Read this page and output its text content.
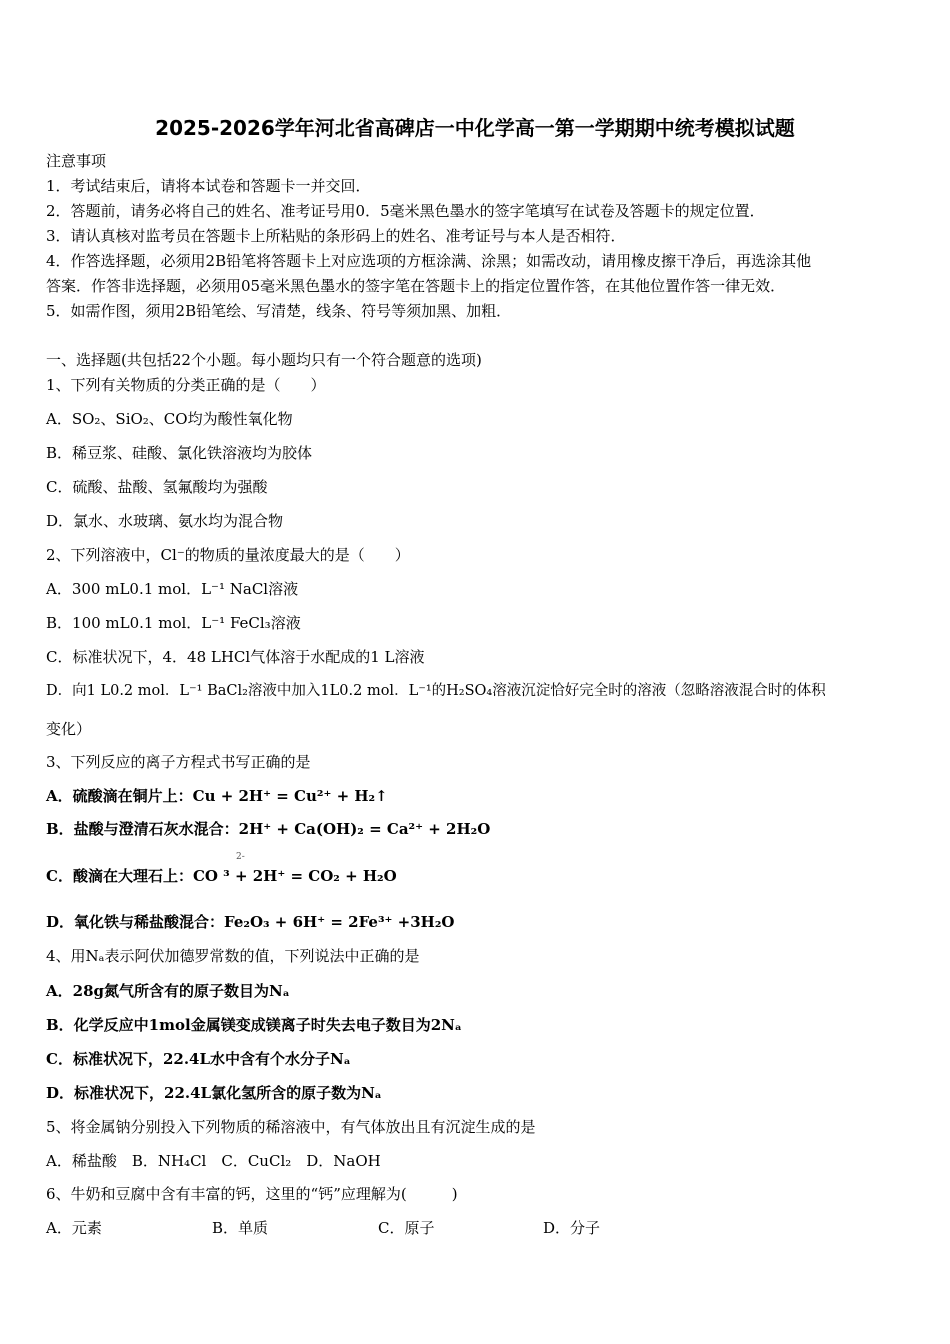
2025-2026学年河北省高碑店一中化学高一第一学期期中统考模拟试题
注意事项
1．考试结束后，请将本试卷和答题卡一并交回．
2．答题前，请务必将自己的姓名、准考证号用0．5毫米黑色墨水的签字笔填写在试卷及答题卡的规定位置．
3．请认真核对监考员在答题卡上所粘贴的条形码上的姓名、准考证号与本人是否相符．
4．作答选择题，必须用2B铅笔将答题卡上对应选项的方框涂满、涂黑；如需改动，请用橡皮擦干净后，再选涂其他
答案．作答非选择题，必须用05毫米黑色墨水的签字笔在答题卡上的指定位置作答，在其他位置作答一律无效．
5．如需作图，须用2B铅笔绘、写清楚，线条、符号等须加黑、加粗．
一、选择题(共包括22个小题。每小题均只有一个符合题意的选项)
1、下列有关物质的分类正确的是（　　）
A．SO₂、SiO₂、CO均为酸性氧化物
B．稀豆浆、硅酸、氯化铁溶液均为胶体
C．硫酸、盐酸、氢氟酸均为强酸
D．氯水、水玻璃、氨水均为混合物
2、下列溶液中，Cl⁻的物质的量浓度最大的是（　　）
A．300 mL0.1 mol．L⁻¹ NaCl溶液
B．100 mL0.1 mol．L⁻¹ FeCl₃溶液
C．标准状况下，4．48 LHCl气体溶于水配成的1 L溶液
D．向1 L0.2 mol．L⁻¹ BaCl₂溶液中加入1L0.2 mol．L⁻¹的H₂SO₄溶液沉淀恰好完全时的溶液（忽略溶液混合时的体积
变化）
3、下列反应的离子方程式书写正确的是
A．硫酸滴在铜片上：Cu + 2H⁺ = Cu²⁺ + H₂↑
B．盐酸与澄清石灰水混合：2H⁺ + Ca(OH)₂ = Ca²⁺ + 2H₂O
2-
C．酸滴在大理石上：CO ³ + 2H⁺ = CO₂ + H₂O
D．氧化铁与稀盐酸混合：Fe₂O₃ + 6H⁺ = 2Fe³⁺ +3H₂O
4、用Nₐ表示阿伏加德罗常数的值，下列说法中正确的是
A．28g氮气所含有的原子数目为Nₐ
B．化学反应中1mol金属镁变成镁离子时失去电子数目为2Nₐ
C．标准状况下，22.4L水中含有个水分子Nₐ
D．标准状况下，22.4L氯化氢所含的原子数为Nₐ
5、将金属钠分别投入下列物质的稀溶液中，有气体放出且有沉淀生成的是
A．稀盐酸　B．NH₄Cl　C．CuCl₂　D．NaOH
6、牛奶和豆腐中含有丰富的钙，这里的“钙”应理解为(　　　)
A．元素	B．单质	C．原子	D．分子
